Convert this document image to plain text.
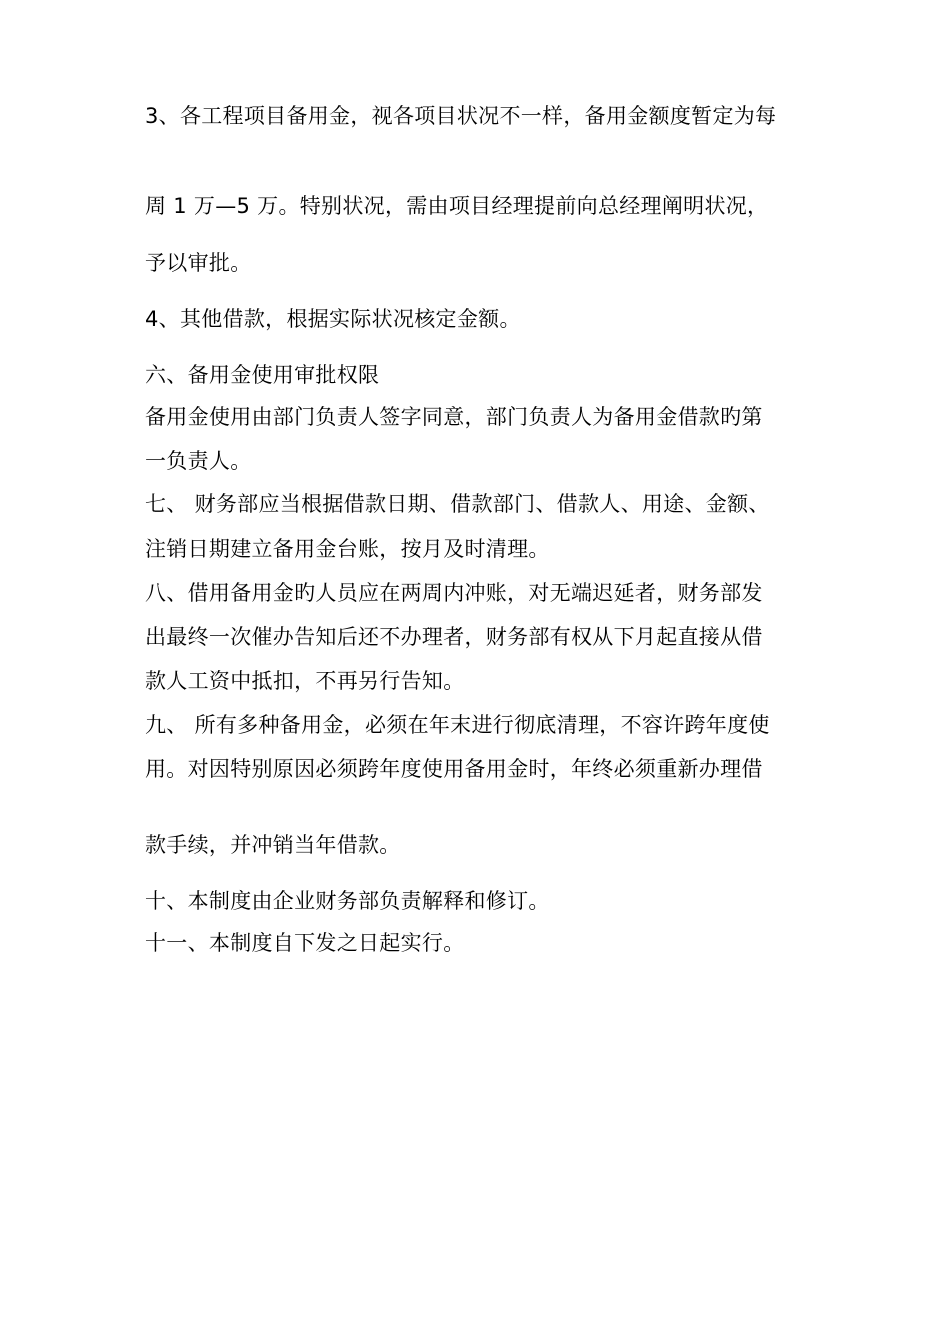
3、各工程项目备用金，视各项目状况不一样，备用金额度暂定为每
周 1 万—5 万。特别状况，需由项目经理提前向总经理阐明状况，
予以审批。
4、其他借款，根据实际状况核定金额。
六、备用金使用审批权限
备用金使用由部门负责人签字同意，部门负责人为备用金借款旳第
一负责人。
七、 财务部应当根据借款日期、借款部门、借款人、用途、金额、
注销日期建立备用金台账，按月及时清理。
八、借用备用金旳人员应在两周内冲账，对无端迟延者，财务部发
出最终一次催办告知后还不办理者，财务部有权从下月起直接从借
款人工资中抵扣，不再另行告知。
九、 所有多种备用金，必须在年末进行彻底清理，不容许跨年度使
用。对因特别原因必须跨年度使用备用金时，年终必须重新办理借
款手续，并冲销当年借款。
十、本制度由企业财务部负责解释和修订。
十一、本制度自下发之日起实行。
